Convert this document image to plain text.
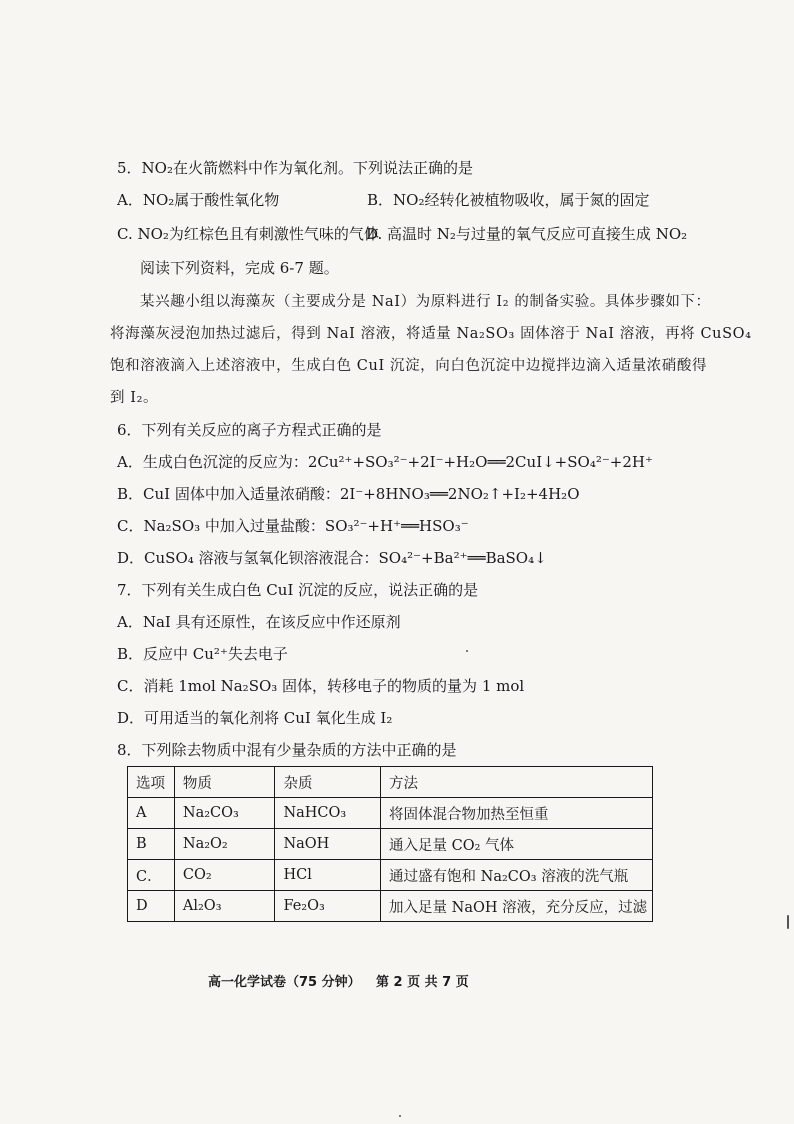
5．NO₂在火箭燃料中作为氧化剂。下列说法正确的是
A．NO₂属于酸性氧化物	B．NO₂经转化被植物吸收，属于氮的固定
C. NO₂为红棕色且有刺激性气味的气体
D. 高温时 N₂与过量的氧气反应可直接生成 NO₂
阅读下列资料，完成 6-7 题。
某兴趣小组以海藻灰（主要成分是 NaI）为原料进行 I₂ 的制备实验。具体步骤如下：
将海藻灰浸泡加热过滤后，得到 NaI 溶液，将适量 Na₂SO₃ 固体溶于 NaI 溶液，再将 CuSO₄
饱和溶液滴入上述溶液中，生成白色 CuI 沉淀，向白色沉淀中边搅拌边滴入适量浓硝酸得
到 I₂。
6．下列有关反应的离子方程式正确的是
A．生成白色沉淀的反应为：2Cu²⁺+SO₃²⁻+2I⁻+H₂O══2CuI↓+SO₄²⁻+2H⁺
B．CuI 固体中加入适量浓硝酸：2I⁻+8HNO₃══2NO₂↑+I₂+4H₂O
C．Na₂SO₃ 中加入过量盐酸：SO₃²⁻+H⁺══HSO₃⁻
D．CuSO₄ 溶液与氢氧化钡溶液混合：SO₄²⁻+Ba²⁺══BaSO₄↓
7．下列有关生成白色 CuI 沉淀的反应，说法正确的是
A．NaI 具有还原性，在该反应中作还原剂
B．反应中 Cu²⁺失去电子
C．消耗 1mol Na₂SO₃ 固体，转移电子的物质的量为 1 mol
D．可用适当的氧化剂将 CuI 氧化生成 I₂
8．下列除去物质中混有少量杂质的方法中正确的是
选项	物质	杂质	方法
A	Na₂CO₃	NaHCO₃	将固体混合物加热至恒重
B	Na₂O₂	NaOH	通入足量 CO₂ 气体
C．	CO₂	HCl	通过盛有饱和 Na₂CO₃ 溶液的洗气瓶
D	Al₂O₃	Fe₂O₃	加入足量 NaOH 溶液，充分反应，过滤
高一化学试卷（75 分钟） 第 2 页 共 7 页
